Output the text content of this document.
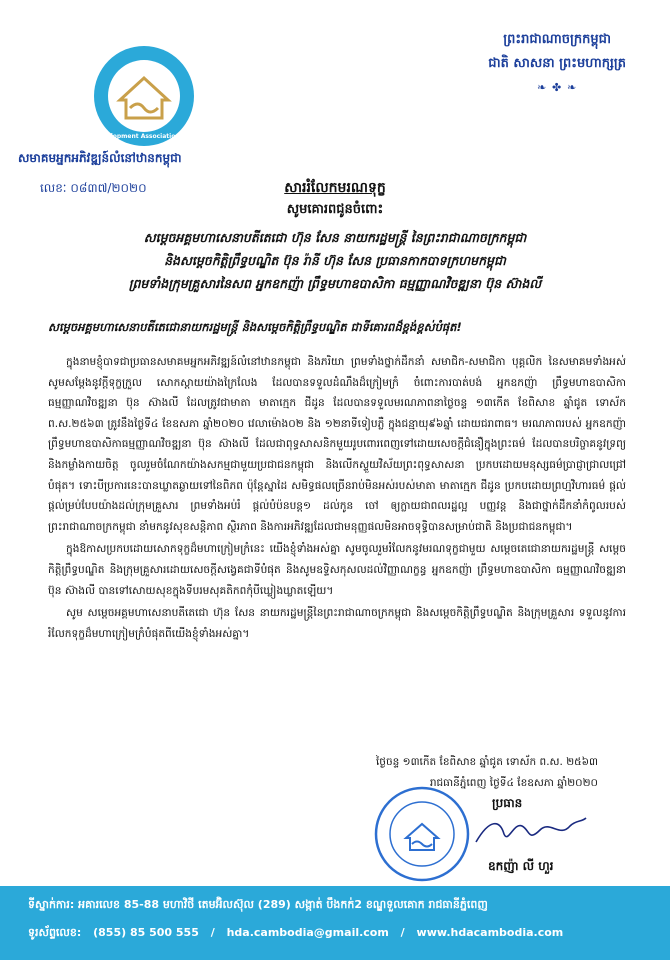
Housing Development Association of Cambodia
សមាគមអ្នកអភិវឌ្ឍន៍លំនៅឋានកម្ពុជា
ព្រះរាជាណាចក្រកម្ពុជា
ជាតិ សាសនា ព្រះមហាក្សត្រ
❧ ✤ ❧
លេខៈ ០៨៣៧/២០២០	សាររំលែកមរណទុក្ខ
សូមគោរពជូនចំពោះ
សម្តេចអគ្គមហាសេនាបតីតេជោ ហ៊ុន សែន នាយករដ្ឋមន្ត្រី នៃព្រះរាជាណាចក្រកម្ពុជា
និងសម្តេចកិត្តិព្រឹទ្ធបណ្ឌិត ប៊ុន រ៉ានី ហ៊ុន សែន ប្រធានកាកបាទក្រហមកម្ពុជា
ព្រមទាំងក្រុមគ្រួសារនៃសព អ្នកឧកញ៉ា ព្រឹទ្ធមហាឧបាសិកា ធម្មញ្ញាណវិចឌ្ឍនា ប៊ុន ស៊ាងលី
សម្តេចអគ្គមហាសេនាបតីតេជោនាយករដ្ឋមន្ត្រី និងសម្តេចកិត្តិព្រឹទ្ធបណ្ឌិត ជាទីគោរពដ៏ខ្ពង់ខ្ពស់បំផុត!

ក្នុងនាមខ្ញុំបាទជាប្រធានសមាគមអ្នកអភិវឌ្ឍន៍លំនៅឋានកម្ពុជា និងភរិយា ព្រមទាំងថ្នាក់ដឹកនាំ សមាជិក-សមាជិកា បុគ្គលិក នៃសមាគមទាំងអស់ សូមសម្តែងនូវក្តីទុក្ខក្រួល សោកស្តាយយ៉ាងក្រៃលែង ដែលបានទទួលដំណឹងដ៏ក្រៀមក្រំ ចំពោះការបាត់បង់ អ្នកឧកញ៉ា ព្រឹទ្ធមហាឧបាសិកា ធម្មញ្ញាណវិចឌ្ឍនា ប៊ុន ស៊ាងលី ដែលត្រូវជាមាតា មាតាក្មេក ជីដូន ដែលបានទទួលមរណភាពនាថ្ងៃចន្ទ ១៣កើត ខែពិសាខ ឆ្នាំជូត ទោស័ក ព.ស.២៥៦៣ ត្រូវនឹងថ្ងៃទី៤ ខែឧសភា ឆ្នាំ២០២០ វេលាម៉ោង០២ និង ១២នាទីទៀបភ្លឺ ក្នុងជន្មាយុ៩៦ឆ្នាំ ដោយជរាពាធ។ មរណភាពរបស់ អ្នកឧកញ៉ា ព្រឹទ្ធមហាឧបាសិកាធម្មញ្ញាណវិចឌ្ឍនា ប៊ុន ស៊ាងលី ដែលជាពុទ្ធសាសនិកមួយរូបពោរពេញទៅដោយសេចក្តីជំនឿក្នុងព្រះធម៌ ដែលបានបរិច្ចាគនូវទ្រព្យ និងកម្លាំងកាយចិត្ត ចូលរួមចំណែកយ៉ាងសកម្មជាមួយប្រជាជនកម្ពុជា និងលើកស្ទួយវិស័យព្រះពុទ្ធសាសនា ប្រកបដោយមនុស្សធម៌ប្រាជ្ញាជ្រាលជ្រៅបំផុត។ ទោះបីប្រការនេះបានឃ្លាតឆ្ងាយទៅនៃពិភព ប៉ុន្តែស្នាដៃ សមិទ្ធផលច្រើនរាប់មិនអស់របស់មាតា មាតាក្មេក ជីដូន ប្រកបដោយព្រហ្មវិហារធម៌ ផ្តល់ផ្តល់ម្រប់បែបយ៉ាងដល់ក្រុមគ្រួសារ ព្រមទាំងអប់រំ ផ្តល់បំប៉នបន្ត១ ដល់កូន ចៅ ឲ្យក្លាយជាពលរដ្ឋល្អ បញ្ញវន្ត និងជាថ្នាក់ដឹកនាំកំពូលរបស់ព្រះរាជាណាចក្រកម្ពុជា នាំមកនូវសុខសន្តិភាព ស្ថិរភាព និងការអភិវឌ្ឍដែលជាមនុញ្ញផលមិនអាចទុទ្ធិបានសម្រាប់ជាតិ និងប្រជាជនកម្ពុជា។

ក្នុងឱកាសប្រកបដោយសោកទុក្ខដ៏មហាក្រៀមក្រំនេះ យើងខ្ញុំទាំងអស់គ្នា សូមចូលរួមរំលែកនូវមរណទុក្ខជាមួយ សម្តេចតេជោនាយករដ្ឋមន្ត្រី សម្តេចកិត្តិព្រឹទ្ធបណ្ឌិត និងក្រុមគ្រួសារដោយសេចក្តីសង្វេគជាទីបំផុត និងសូមឧទ្ទិសកុសលដល់វិញ្ញាណក្ខន្ធ អ្នកឧកញ៉ា ព្រឹទ្ធមហាឧបាសិកា ធម្មញ្ញាណវិចឌ្ឍនា ប៊ុន ស៊ាងលី បានទៅសោយសុខក្នុងទីបរមសុគតិកពកុំបីឃ្លៀងឃ្លាតឡើយ។

សូម សម្តេចអគ្គមហាសេនាបតីតេជោ ហ៊ុន សែន នាយករដ្ឋមន្ត្រីនៃព្រះរាជាណាចក្រកម្ពុជា និងសម្តេចកិត្តិព្រឹទ្ធបណ្ឌិត និងក្រុមគ្រួសារ ទទួលនូវការរំលែកទុក្ខដ៏មហាក្រៀមក្រំបំផុតពីយើងខ្ញុំទាំងអស់គ្នា។

ថ្ងៃចន្ទ ១៣កើត ខែពិសាខ ឆ្នាំជូត ទោស័ក ព.ស. ២៥៦៣
រាជធានីភ្នំពេញ ថ្ងៃទី៤ ខែឧសភា ឆ្នាំ២០២០
ប្រធាន
ឧកញ៉ា លី ហួរ
ទីស្នាក់ការ: អគារលេខ 85-88 មហាវិថី តេមអ៊ិលស៊ុល (289) សង្កាត់ បឹងកក់2 ខណ្ឌទួលគោក រាជធានីភ្នំពេញ
ទូរស័ព្ទលេខ: (855) 85 500 555 / hda.cambodia@gmail.com / www.hdacambodia.com
